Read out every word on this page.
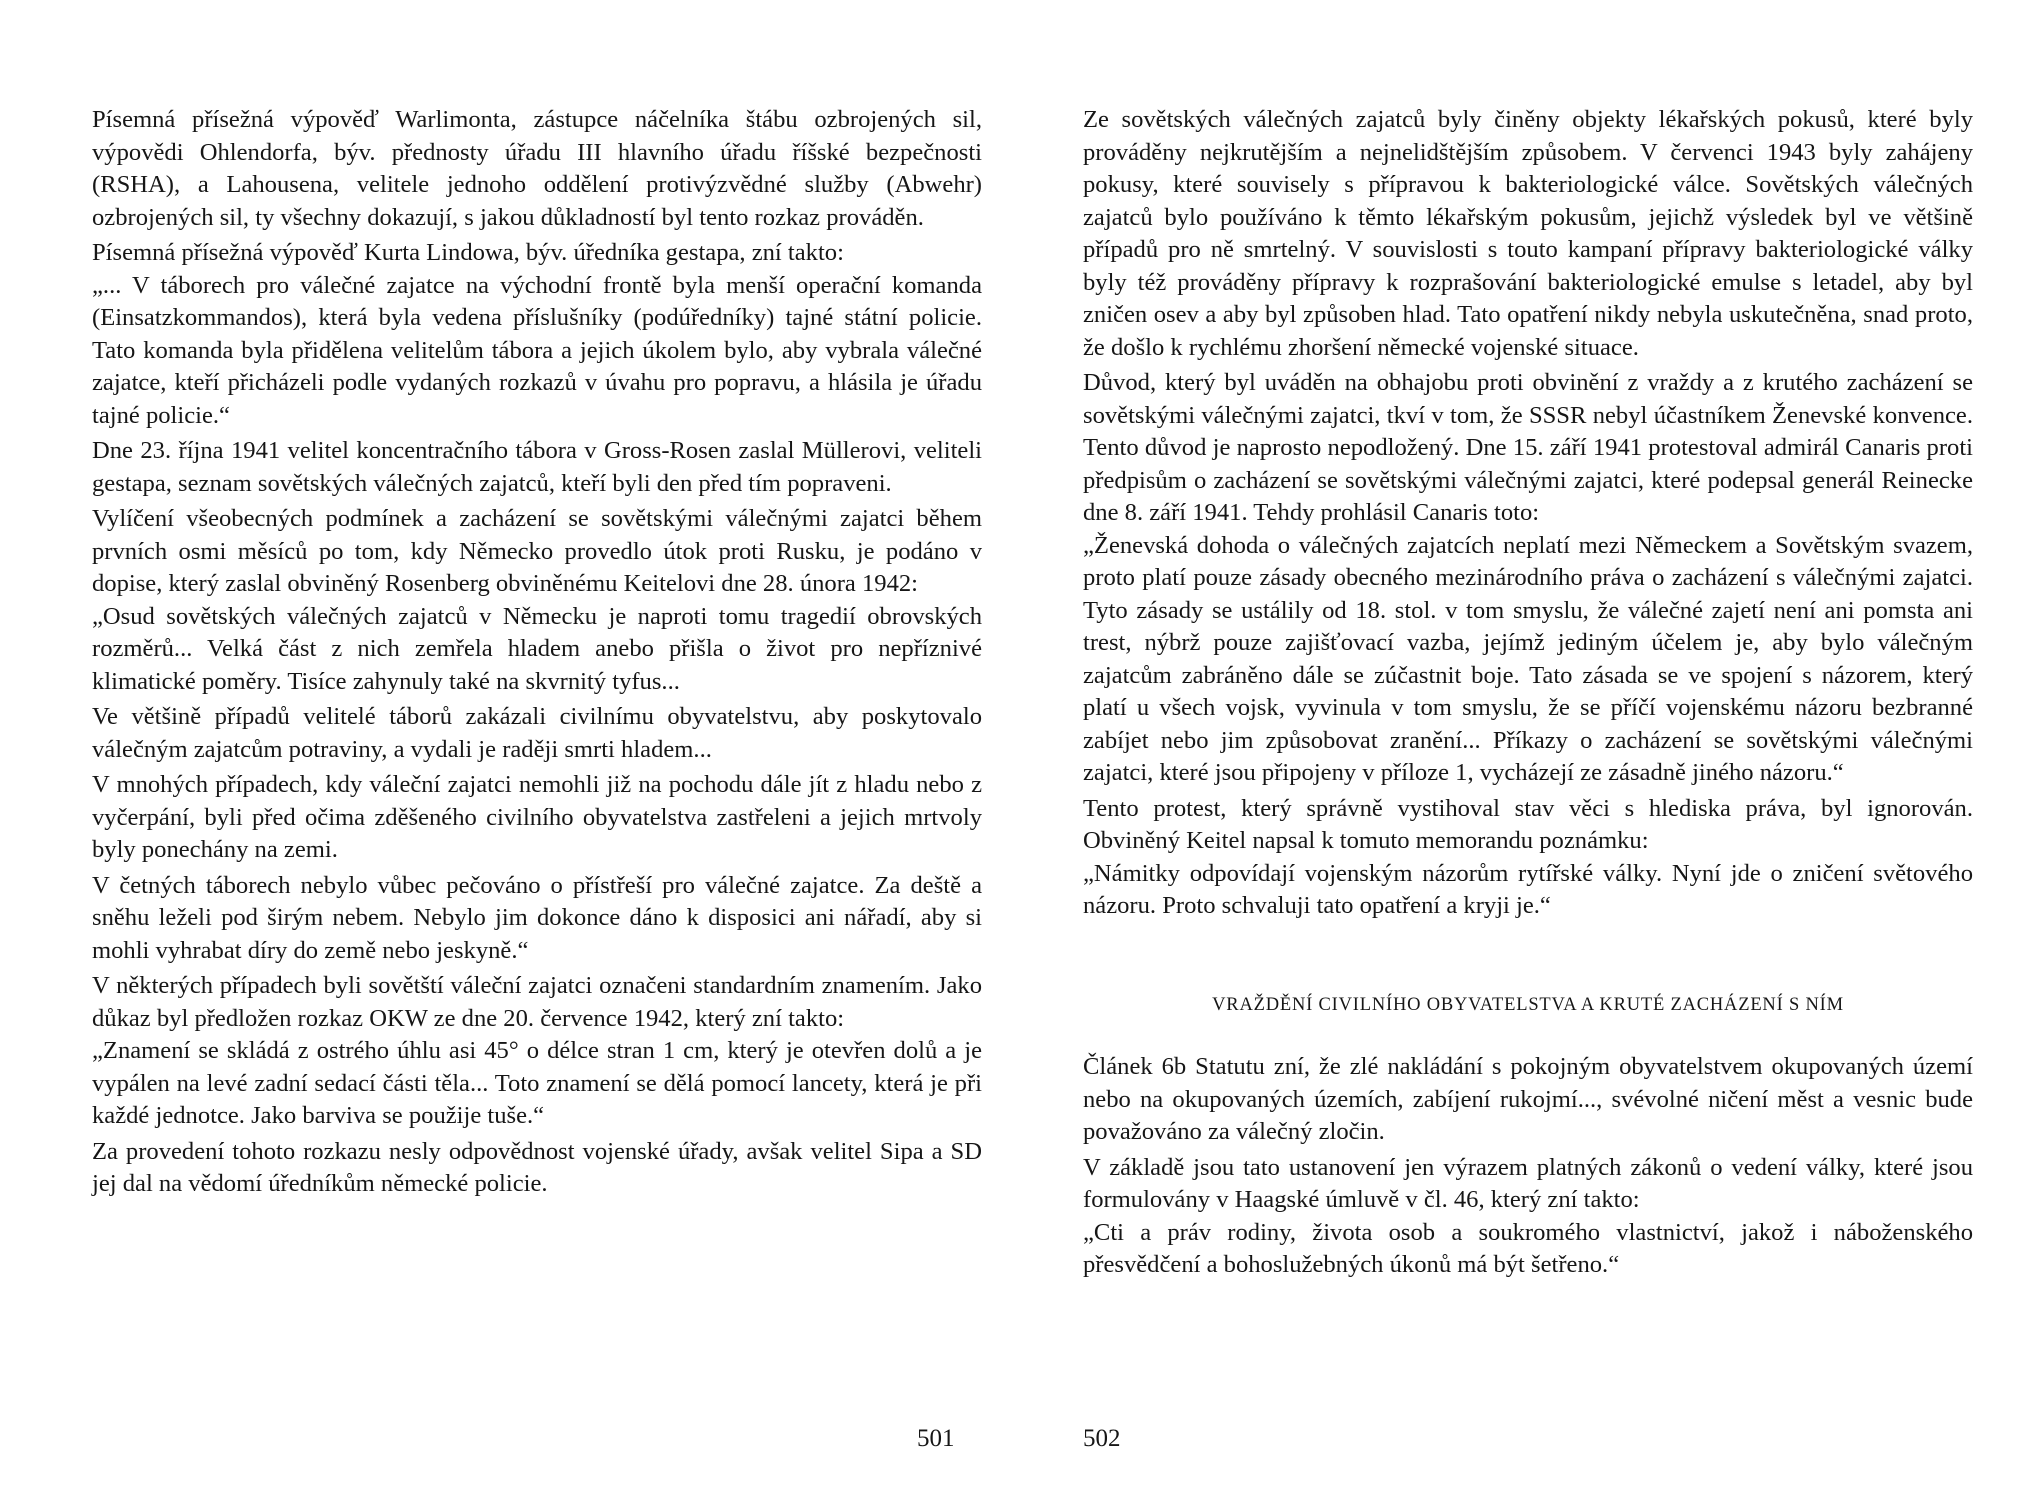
Písemná přísežná výpověď Warlimonta, zástupce náčelníka štábu ozbrojených sil, výpovědi Ohlendorfa, býv. přednosty úřadu III hlavního úřadu říšské bezpečnosti (RSHA), a Lahousena, velitele jednoho oddělení protivýzvědné služby (Abwehr) ozbrojených sil, ty všechny dokazují, s jakou důkladností byl tento rozkaz prováděn.

Písemná přísežná výpověď Kurta Lindowa, býv. úředníka gestapa, zní takto:

„... V táborech pro válečné zajatce na východní frontě byla menší operační komanda (Einsatzkommandos), která byla vedena příslušníky (podúředníky) tajné státní policie. Tato komanda byla přidělena velitelům tábora a jejich úkolem bylo, aby vybrala válečné zajatce, kteří přicházeli podle vydaných rozkazů v úvahu pro popravu, a hlásila je úřadu tajné policie.“

Dne 23. října 1941 velitel koncentračního tábora v Gross-Rosen zaslal Müllerovi, veliteli gestapa, seznam sovětských válečných zajatců, kteří byli den před tím popraveni.

Vylíčení všeobecných podmínek a zacházení se sovětskými válečnými zajatci během prvních osmi měsíců po tom, kdy Německo provedlo útok proti Rusku, je podáno v dopise, který zaslal obviněný Rosenberg obviněnému Keitelovi dne 28. února 1942:

„Osud sovětských válečných zajatců v Německu je naproti tomu tragedií obrovských rozměrů... Velká část z nich zemřela hladem anebo přišla o život pro nepříznivé klimatické poměry. Tisíce zahynuly také na skvrnitý tyfus...

Ve většině případů velitelé táborů zakázali civilnímu obyvatelstvu, aby poskytovalo válečným zajatcům potraviny, a vydali je raději smrti hladem...

V mnohých případech, kdy váleční zajatci nemohli již na pochodu dále jít z hladu nebo z vyčerpání, byli před očima zděšeného civilního obyvatelstva zastřeleni a jejich mrtvoly byly ponechány na zemi.

V četných táborech nebylo vůbec pečováno o přístřeší pro válečné zajatce. Za deště a sněhu leželi pod širým nebem. Nebylo jim dokonce dáno k disposici ani nářadí, aby si mohli vyhrabat díry do země nebo jeskyně.“

V některých případech byli sovětští váleční zajatci označeni standardním znamením. Jako důkaz byl předložen rozkaz OKW ze dne 20. července 1942, který zní takto:

„Znamení se skládá z ostrého úhlu asi 45° o délce stran 1 cm, který je otevřen dolů a je vypálen na levé zadní sedací části těla... Toto znamení se dělá pomocí lancety, která je při každé jednotce. Jako barviva se použije tuše.“

Za provedení tohoto rozkazu nesly odpovědnost vojenské úřady, avšak velitel Sipa a SD jej dal na vědomí úředníkům německé policie.

501

Ze sovětských válečných zajatců byly činěny objekty lékařských pokusů, které byly prováděny nejkrutějším a nejnelidštějším způsobem. V červenci 1943 byly zahájeny pokusy, které souvisely s přípravou k bakteriologické válce. Sovětských válečných zajatců bylo používáno k těmto lékařským pokusům, jejichž výsledek byl ve většině případů pro ně smrtelný. V souvislosti s touto kampaní přípravy bakteriologické války byly též prováděny přípravy k rozprašování bakteriologické emulse s letadel, aby byl zničen osev a aby byl způsoben hlad. Tato opatření nikdy nebyla uskutečněna, snad proto, že došlo k rychlému zhoršení německé vojenské situace.

Důvod, který byl uváděn na obhajobu proti obvinění z vraždy a z krutého zacházení se sovětskými válečnými zajatci, tkví v tom, že SSSR nebyl účastníkem Ženevské konvence. Tento důvod je naprosto nepodložený. Dne 15. září 1941 protestoval admirál Canaris proti předpisům o zacházení se sovětskými válečnými zajatci, které podepsal generál Reinecke dne 8. září 1941. Tehdy prohlásil Canaris toto:

„Ženevská dohoda o válečných zajatcích neplatí mezi Německem a Sovětským svazem, proto platí pouze zásady obecného mezinárodního práva o zacházení s válečnými zajatci. Tyto zásady se ustálily od 18. stol. v tom smyslu, že válečné zajetí není ani pomsta ani trest, nýbrž pouze zajišťovací vazba, jejímž jediným účelem je, aby bylo válečným zajatcům zabráněno dále se zúčastnit boje. Tato zásada se ve spojení s názorem, který platí u všech vojsk, vyvinula v tom smyslu, že se příčí vojenskému názoru bezbranné zabíjet nebo jim způsobovat zranění... Příkazy o zacházení se sovětskými válečnými zajatci, které jsou připojeny v příloze 1, vycházejí ze zásadně jiného názoru.“

Tento protest, který správně vystihoval stav věci s hlediska práva, byl ignorován. Obviněný Keitel napsal k tomuto memorandu poznámku:

„Námitky odpovídají vojenským názorům rytířské války. Nyní jde o zničení světového názoru. Proto schvaluji tato opatření a kryji je.“

VRAŽDĚNÍ CIVILNÍHO OBYVATELSTVA A KRUTÉ ZACHÁZENÍ S NÍM

Článek 6b Statutu zní, že zlé nakládání s pokojným obyvatelstvem okupovaných území nebo na okupovaných územích, zabíjení rukojmí..., svévolné ničení měst a vesnic bude považováno za válečný zločin.

V základě jsou tato ustanovení jen výrazem platných zákonů o vedení války, které jsou formulovány v Haagské úmluvě v čl. 46, který zní takto:

„Cti a práv rodiny, života osob a soukromého vlastnictví, jakož i náboženského přesvědčení a bohoslužebných úkonů má být šetřeno.“

502
